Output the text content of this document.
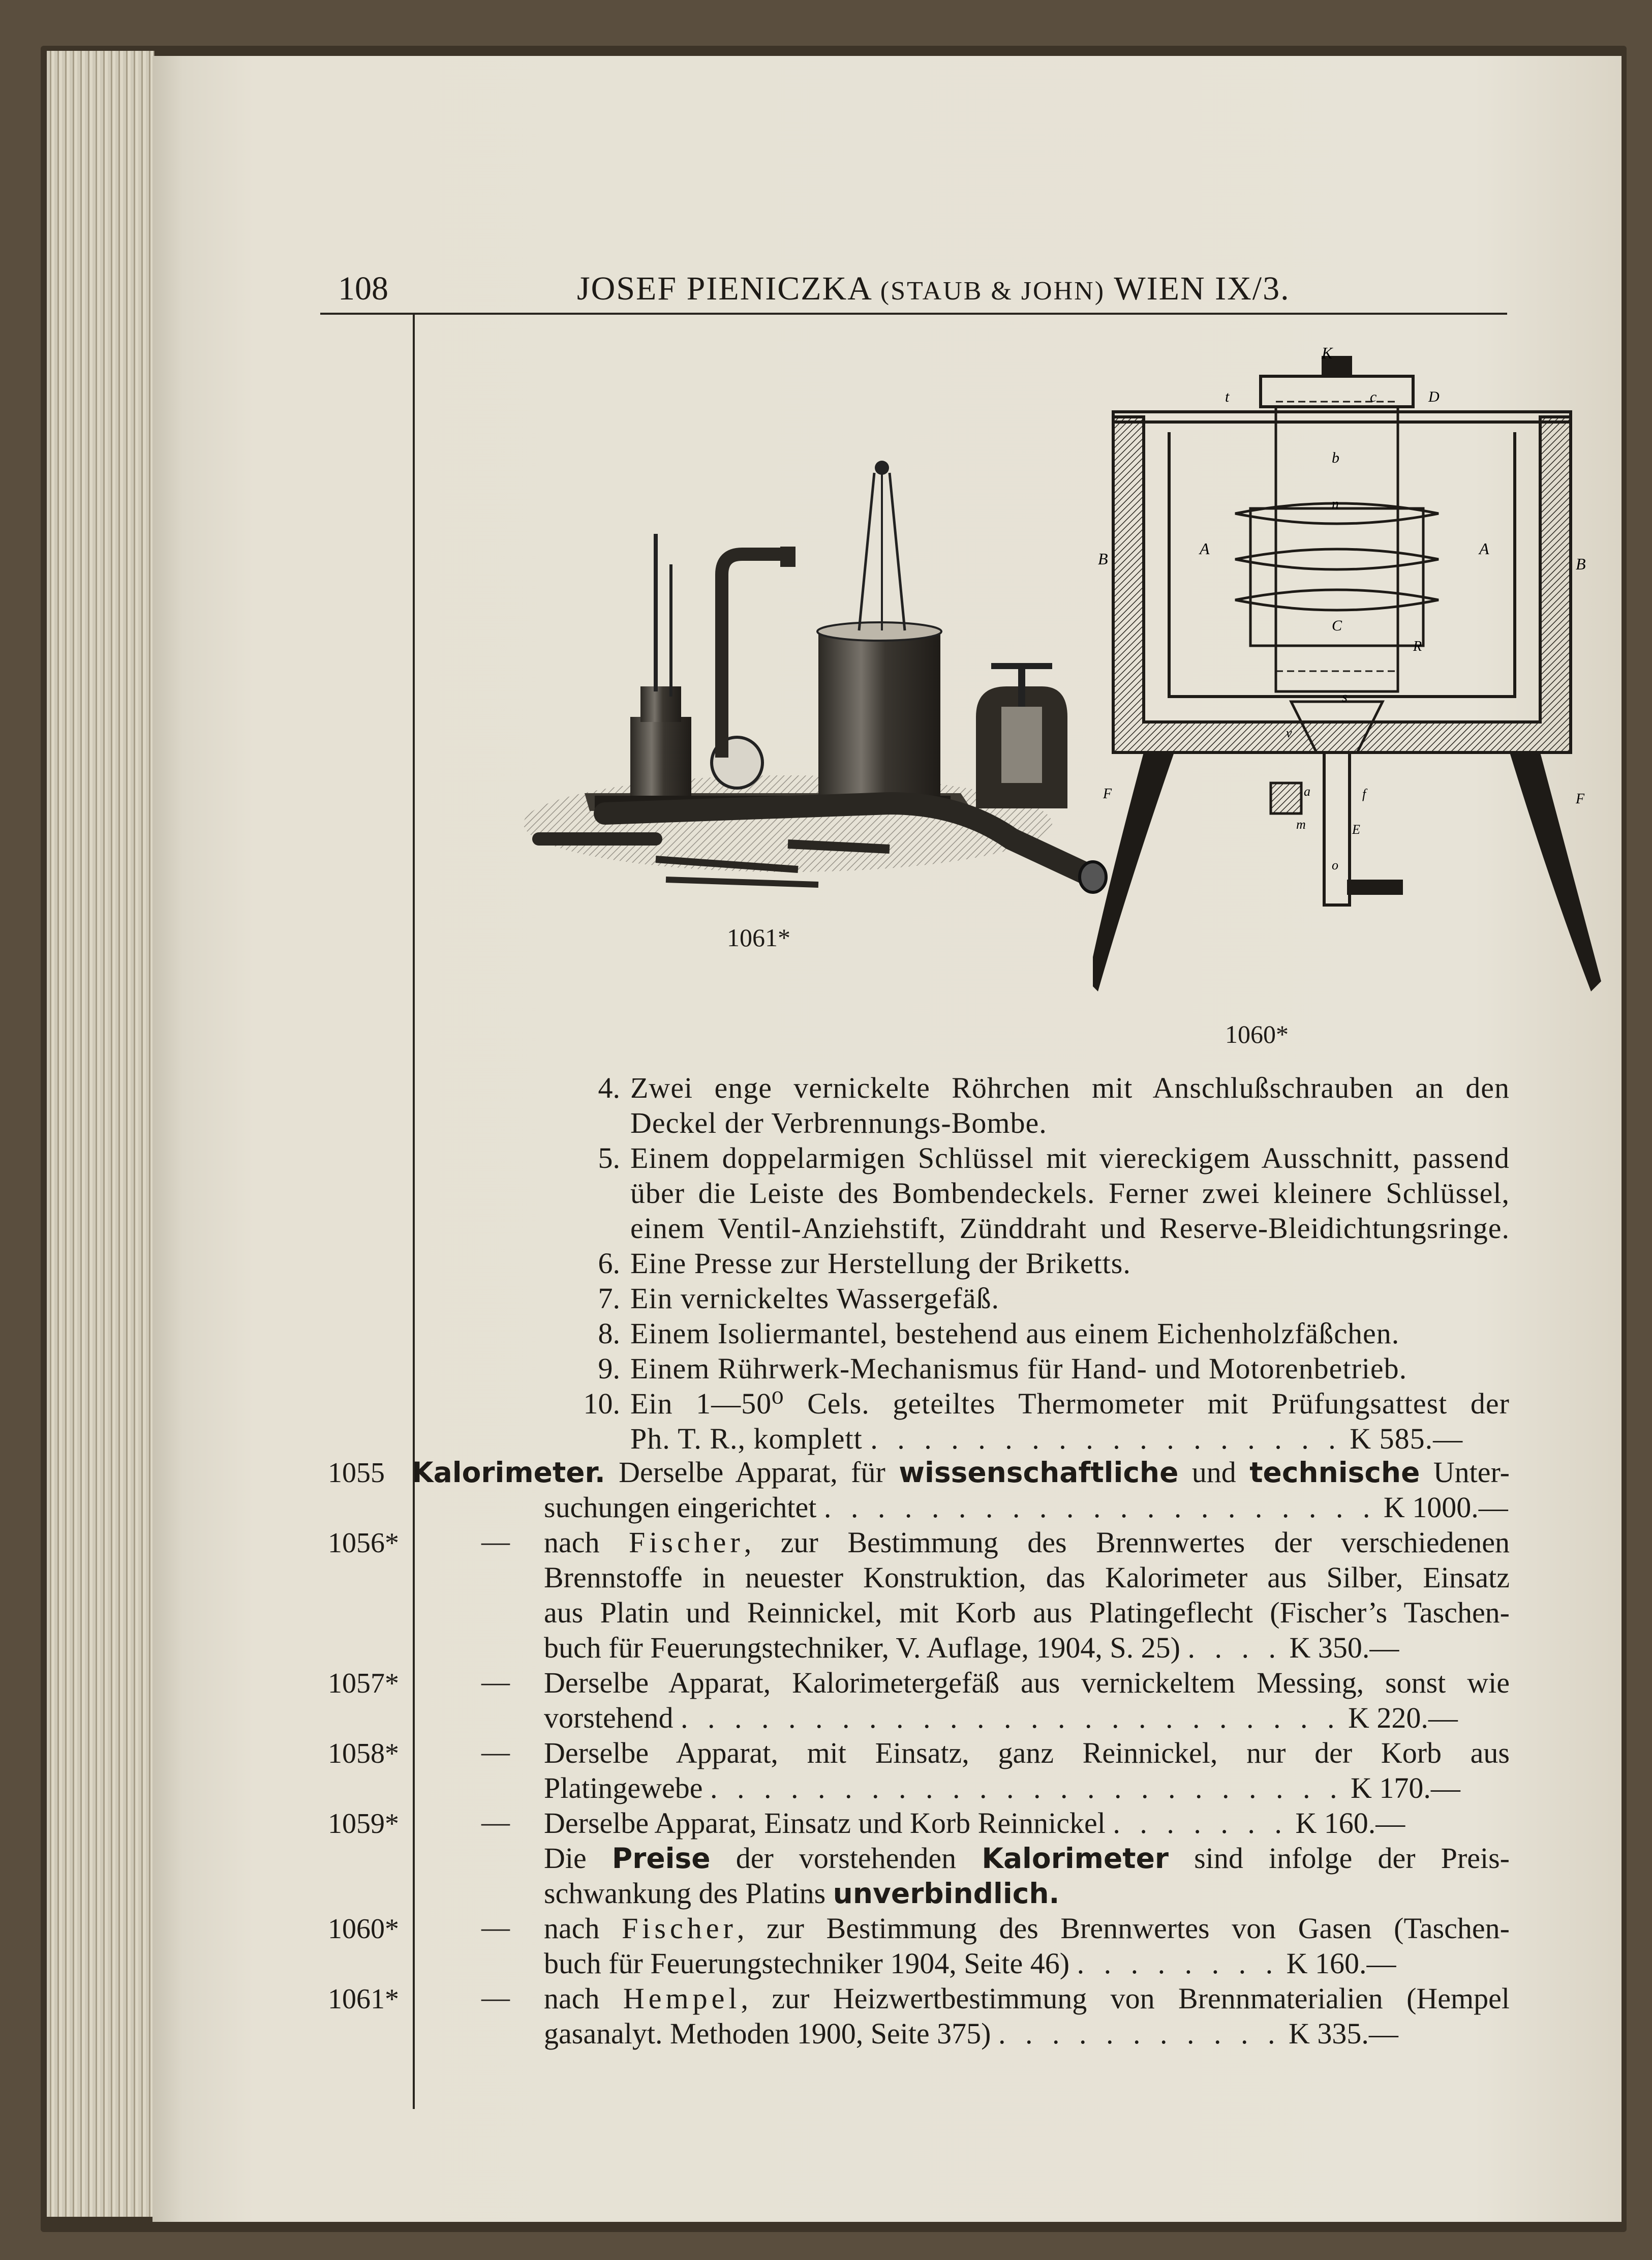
108	JOSEF PIENICZKA (STAUB & JOHN) WIEN IX/3.
1061*
K
t	c	D
b
n
A	A
B	B
C
R
s
v
F	F
a	f
m	E
o
1060*
4. Zwei enge vernickelte Röhrchen mit Anschlußschrauben an den
Deckel der Verbrennungs-Bombe.
5. Einem doppelarmigen Schlüssel mit viereckigem Ausschnitt, passend
über die Leiste des Bombendeckels. Ferner zwei kleinere Schlüssel,
einem Ventil-Anziehstift, Zünddraht und Reserve-Bleidichtungsringe.
6. Eine Presse zur Herstellung der Briketts.
7. Ein vernickeltes Wassergefäß.
8. Einem Isoliermantel, bestehend aus einem Eichenholzfäßchen.
9. Einem Rührwerk-Mechanismus für Hand- und Motorenbetrieb.
10. Ein 1—50⁰ Cels. geteiltes Thermometer mit Prüfungsattest der
Ph. T. R., komplett . . . . . . . . . . . . . . . . . . K 585.—
1055 Kalorimeter. Derselbe Apparat, für wissenschaftliche und technische Unter-
suchungen eingerichtet . . . . . . . . . . . . . . . . . . . . . K 1000.—
1056*	— nach Fischer, zur Bestimmung des Brennwertes der verschiedenen
Brennstoffe in neuester Konstruktion, das Kalorimeter aus Silber, Einsatz
aus Platin und Reinnickel, mit Korb aus Platingeflecht (Fischer’s Taschen-
buch für Feuerungstechniker, V. Auflage, 1904, S. 25) . . . . K 350.—
1057*	— Derselbe Apparat, Kalorimetergefäß aus vernickeltem Messing, sonst wie
vorstehend . . . . . . . . . . . . . . . . . . . . . . . . . K 220.—
1058*	— Derselbe Apparat, mit Einsatz, ganz Reinnickel, nur der Korb aus
Platingewebe . . . . . . . . . . . . . . . . . . . . . . . . K 170.—
1059*	— Derselbe Apparat, Einsatz und Korb Reinnickel . . . . . . . K 160.—
Die Preise der vorstehenden Kalorimeter sind infolge der Preis-
schwankung des Platins unverbindlich.
1060*	— nach Fischer, zur Bestimmung des Brennwertes von Gasen (Taschen-
buch für Feuerungstechniker 1904, Seite 46) . . . . . . . . K 160.—
1061*	— nach Hempel, zur Heizwertbestimmung von Brennmaterialien (Hempel
gasanalyt. Methoden 1900, Seite 375) . . . . . . . . . . . K 335.—
